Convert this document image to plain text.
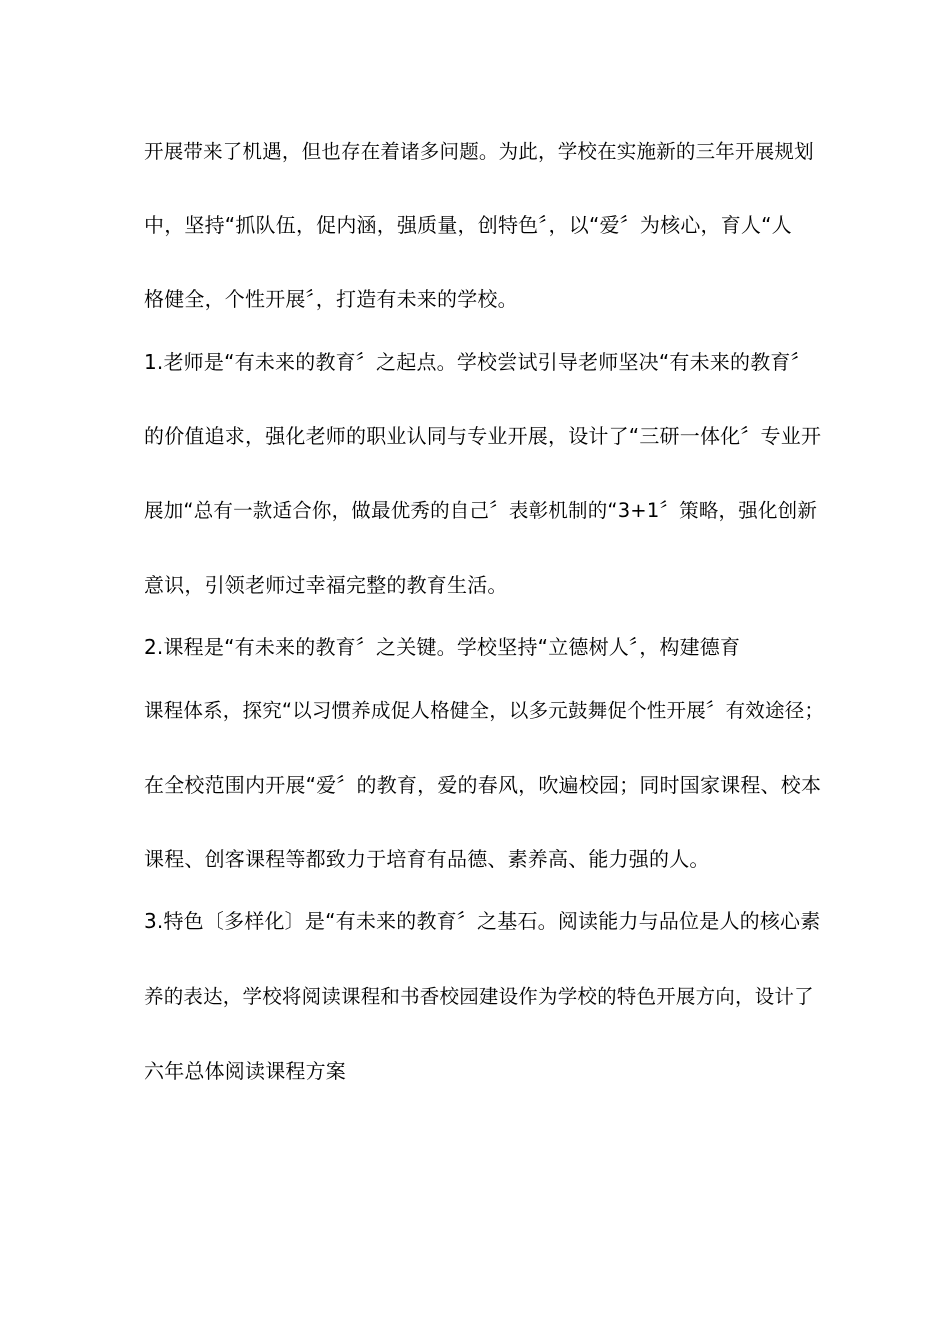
开展带来了机遇，但也存在着诸多问题。为此，学校在实施新的三年开展规划
中，坚持“抓队伍，促内涵，强质量，创特色〞，以“爱〞为核心，育人“人
格健全，个性开展〞，打造有未来的学校。
1.老师是“有未来的教育〞之起点。学校尝试引导老师坚决“有未来的教育〞
的价值追求，强化老师的职业认同与专业开展，设计了“三研一体化〞专业开
展加“总有一款适合你，做最优秀的自己〞表彰机制的“3+1〞策略，强化创新
意识，引领老师过幸福完整的教育生活。
2.课程是“有未来的教育〞之关键。学校坚持“立德树人〞，构建德育
课程体系，探究“以习惯养成促人格健全，以多元鼓舞促个性开展〞有效途径；
在全校范围内开展“爱〞的教育，爱的春风，吹遍校园；同时国家课程、校本
课程、创客课程等都致力于培育有品德、素养高、能力强的人。
3.特色〔多样化〕是“有未来的教育〞之基石。阅读能力与品位是人的核心素
养的表达，学校将阅读课程和书香校园建设作为学校的特色开展方向，设计了
六年总体阅读课程方案
